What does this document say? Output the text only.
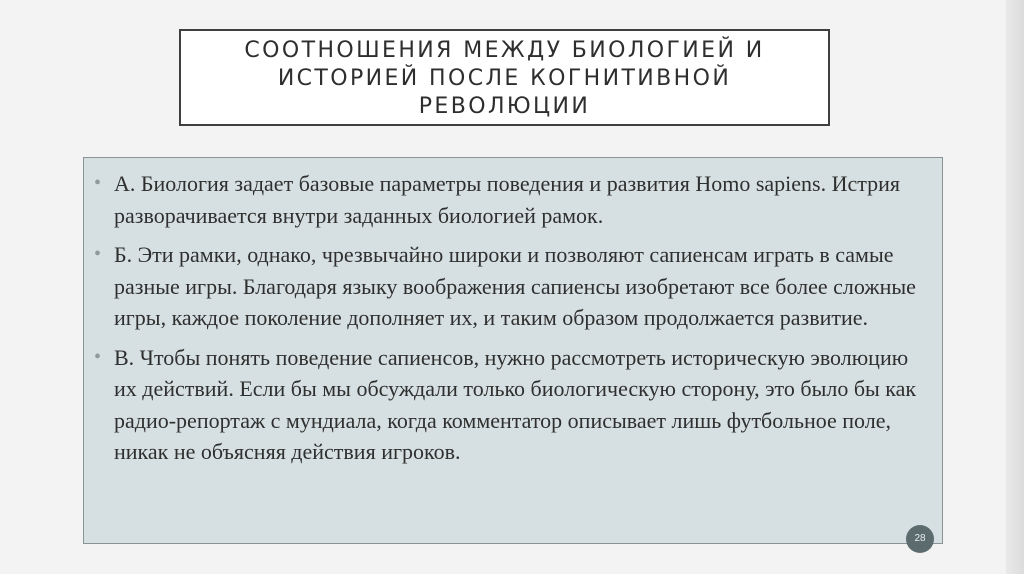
СООТНОШЕНИЯ МЕЖДУ БИОЛОГИЕЙ И ИСТОРИЕЙ ПОСЛЕ КОГНИТИВНОЙ РЕВОЛЮЦИИ
• А. Биология задает базовые параметры поведения и развития Homo sapiens. Истрия разворачивается внутри заданных биологией рамок.
• Б. Эти рамки, однако, чрезвычайно широки и позволяют сапиенсам играть в самые разные игры. Благодаря языку воображения сапиенсы изобретают все более сложные игры, каждое поколение дополняет их, и таким образом продолжается развитие.
• В. Чтобы понять поведение сапиенсов, нужно рассмотреть историческую эволюцию их действий. Если бы мы обсуждали только биологическую сторону, это было бы как радио-репортаж с мундиала, когда комментатор описывает лишь футбольное поле, никак не объясняя действия игроков.
28
